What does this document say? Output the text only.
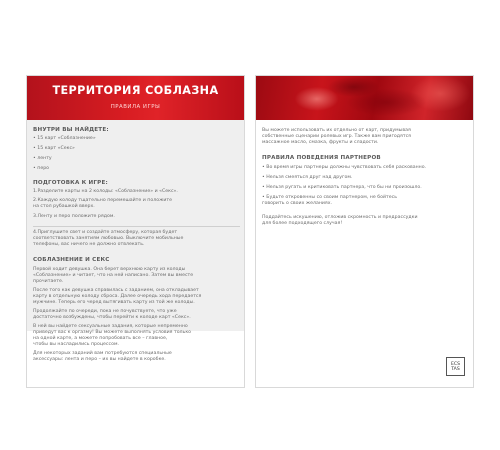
ТЕРРИТОРИЯ СОБЛАЗНА
ПРАВИЛА ИГРЫ
ВНУТРИ ВЫ НАЙДЕТЕ:
• 15 карт «Соблазнение»
• 15 карт «Секс»
• ленту
• перо
ПОДГОТОВКА К ИГРЕ:
1.Разделите карты на 2 колоды: «Соблазнение» и «Секс».
2.Каждую колоду тщательно перемешайте и положите
на стол рубашкой вверх.
3.Ленту и перо положите рядом.
4.Приглушите свет и создайте атмосферу, которая будет
соответствовать занятиям любовью. Выключите мобильные
телефоны, вас ничего не должно отвлекать.
СОБЛАЗНЕНИЕ И СЕКС
Первой ходит девушка. Она берет верхнюю карту из колоды
«Соблазнение» и читает, что на ней написано. Затем вы вместе
прочитаете.
После того как девушка справилась с заданием, она откладывает
карту в отдельную колоду сброса. Далее очередь хода передается
мужчине. Теперь его черед вытягивать карту из той же колоды.
Продолжайте по очереди, пока не почувствуете, что уже
достаточно возбуждены, чтобы перейти к колоде карт «Секс».
В ней вы найдете сексуальные задания, которые непременно
приведут вас к оргазму! Вы можете выполнять условия только
на одной карте, а можете попробовать все – главное,
чтобы вы насладились процессом.
Для некоторых заданий вам потребуются специальные
аксессуары: лента и перо – их вы найдете в коробке.
Вы можете использовать их отдельно от карт, придумывая
собственные сценарии ролевых игр. Также вам пригодятся
массажное масло, смазка, фрукты и сладости.
ПРАВИЛА ПОВЕДЕНИЯ ПАРТНЕРОВ
• Во время игры партнеры должны чувствовать себя раскованно.
• Нельзя смеяться друг над другом.
• Нельзя ругать и критиковать партнера, что бы ни произошло.
• Будьте откровенны со своим партнером, не бойтесь
говорить о своих желаниях.
Поддайтесь искушению, отложив скромность и предрассудки
для более подходящего случая!
ECSTAS
